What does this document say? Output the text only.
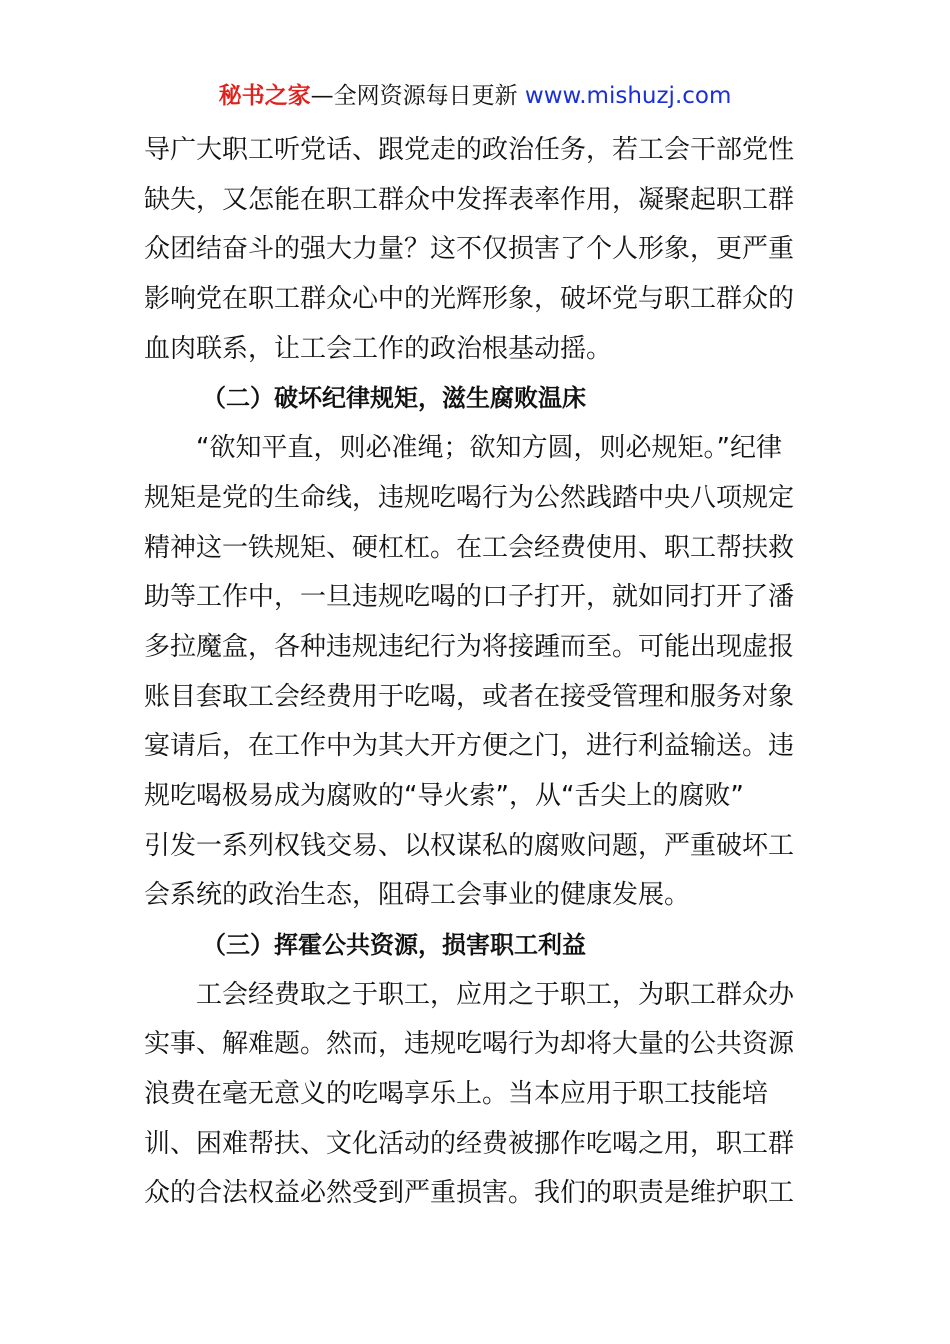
秘书之家—全网资源每日更新 www.mishuzj.com
导广大职工听党话、跟党走的政治任务，若工会干部党性
缺失，又怎能在职工群众中发挥表率作用，凝聚起职工群
众团结奋斗的强大力量？这不仅损害了个人形象，更严重
影响党在职工群众心中的光辉形象，破坏党与职工群众的
血肉联系，让工会工作的政治根基动摇。
（二）破坏纪律规矩，滋生腐败温床
“欲知平直，则必准绳；欲知方圆，则必规矩。”纪律
规矩是党的生命线，违规吃喝行为公然践踏中央八项规定
精神这一铁规矩、硬杠杠。在工会经费使用、职工帮扶救
助等工作中，一旦违规吃喝的口子打开，就如同打开了潘
多拉魔盒，各种违规违纪行为将接踵而至。可能出现虚报
账目套取工会经费用于吃喝，或者在接受管理和服务对象
宴请后，在工作中为其大开方便之门，进行利益输送。违
规吃喝极易成为腐败的“导火索”，从“舌尖上的腐败”
引发一系列权钱交易、以权谋私的腐败问题，严重破坏工
会系统的政治生态，阻碍工会事业的健康发展。
（三）挥霍公共资源，损害职工利益
工会经费取之于职工，应用之于职工，为职工群众办
实事、解难题。然而，违规吃喝行为却将大量的公共资源
浪费在毫无意义的吃喝享乐上。当本应用于职工技能培
训、困难帮扶、文化活动的经费被挪作吃喝之用，职工群
众的合法权益必然受到严重损害。我们的职责是维护职工
